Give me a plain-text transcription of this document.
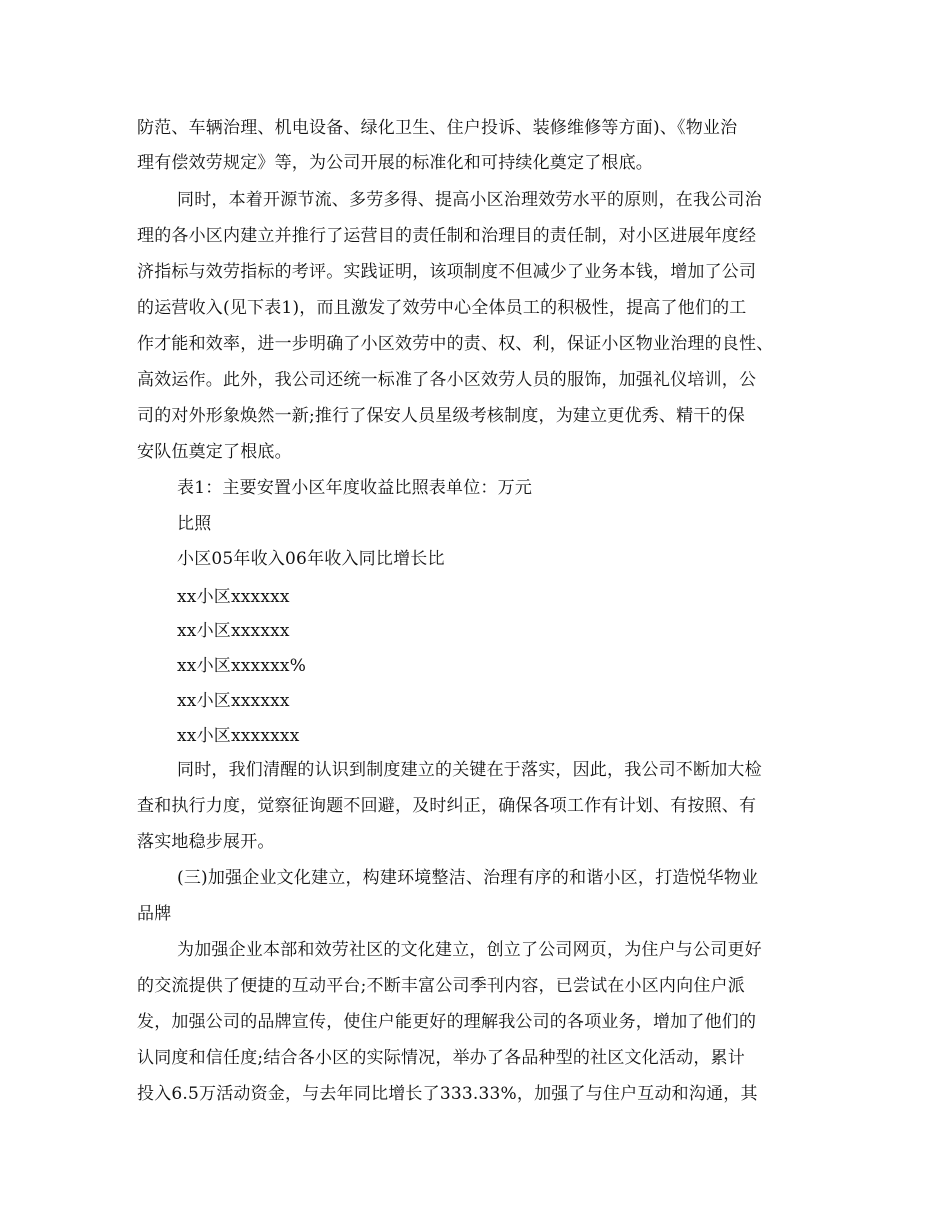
防范、车辆治理、机电设备、绿化卫生、住户投诉、装修维修等方面)、《物业治
理有偿效劳规定》等，为公司开展的标准化和可持续化奠定了根底。
同时，本着开源节流、多劳多得、提高小区治理效劳水平的原则，在我公司治
理的各小区内建立并推行了运营目的责任制和治理目的责任制，对小区进展年度经
济指标与效劳指标的考评。实践证明，该项制度不但减少了业务本钱，增加了公司
的运营收入(见下表1)，而且激发了效劳中心全体员工的积极性，提高了他们的工
作才能和效率，进一步明确了小区效劳中的责、权、利，保证小区物业治理的良性、
高效运作。此外，我公司还统一标准了各小区效劳人员的服饰，加强礼仪培训，公
司的对外形象焕然一新;推行了保安人员星级考核制度，为建立更优秀、精干的保
安队伍奠定了根底。
表1：主要安置小区年度收益比照表单位：万元
比照
小区05年收入06年收入同比增长比
xx小区xxxxxx
xx小区xxxxxx
xx小区xxxxxx%
xx小区xxxxxx
xx小区xxxxxxx
同时，我们清醒的认识到制度建立的关键在于落实，因此，我公司不断加大检
查和执行力度，觉察征询题不回避，及时纠正，确保各项工作有计划、有按照、有
落实地稳步展开。
(三)加强企业文化建立，构建环境整洁、治理有序的和谐小区，打造悦华物业
品牌
为加强企业本部和效劳社区的文化建立，创立了公司网页，为住户与公司更好
的交流提供了便捷的互动平台;不断丰富公司季刊内容，已尝试在小区内向住户派
发，加强公司的品牌宣传，使住户能更好的理解我公司的各项业务，增加了他们的
认同度和信任度;结合各小区的实际情况，举办了各品种型的社区文化活动，累计
投入6.5万活动资金，与去年同比增长了333.33%，加强了与住户互动和沟通，其
